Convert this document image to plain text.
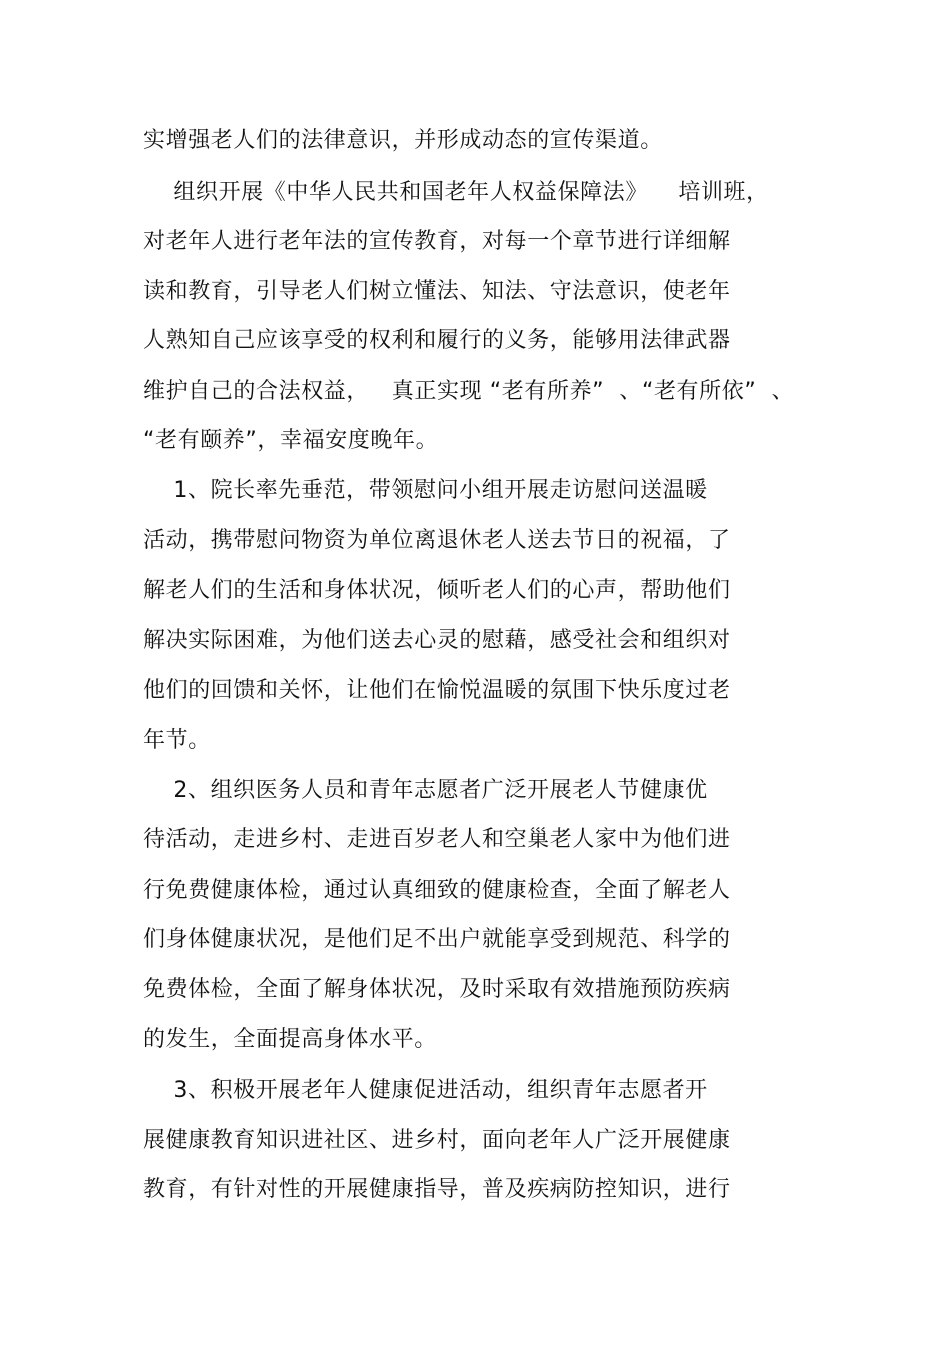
实增强老人们的法律意识，并形成动态的宣传渠道。
组织开展《中华人民共和国老年人权益保障法》    培训班，
对老年人进行老年法的宣传教育，对每一个章节进行详细解
读和教育，引导老人们树立懂法、知法、守法意识，使老年
人熟知自己应该享受的权利和履行的义务，能够用法律武器
维护自己的合法权益，   真正实现 “老有所养”  、“老有所依”  、
“老有颐养”，幸福安度晚年。
1、院长率先垂范，带领慰问小组开展走访慰问送温暖
活动，携带慰问物资为单位离退休老人送去节日的祝福，了
解老人们的生活和身体状况，倾听老人们的心声，帮助他们
解决实际困难，为他们送去心灵的慰藉，感受社会和组织对
他们的回馈和关怀，让他们在愉悦温暖的氛围下快乐度过老
年节。
2、组织医务人员和青年志愿者广泛开展老人节健康优
待活动，走进乡村、走进百岁老人和空巢老人家中为他们进
行免费健康体检，通过认真细致的健康检查，全面了解老人
们身体健康状况，是他们足不出户就能享受到规范、科学的
免费体检，全面了解身体状况，及时采取有效措施预防疾病
的发生，全面提高身体水平。
3、积极开展老年人健康促进活动，组织青年志愿者开
展健康教育知识进社区、进乡村，面向老年人广泛开展健康
教育，有针对性的开展健康指导，普及疾病防控知识，进行
